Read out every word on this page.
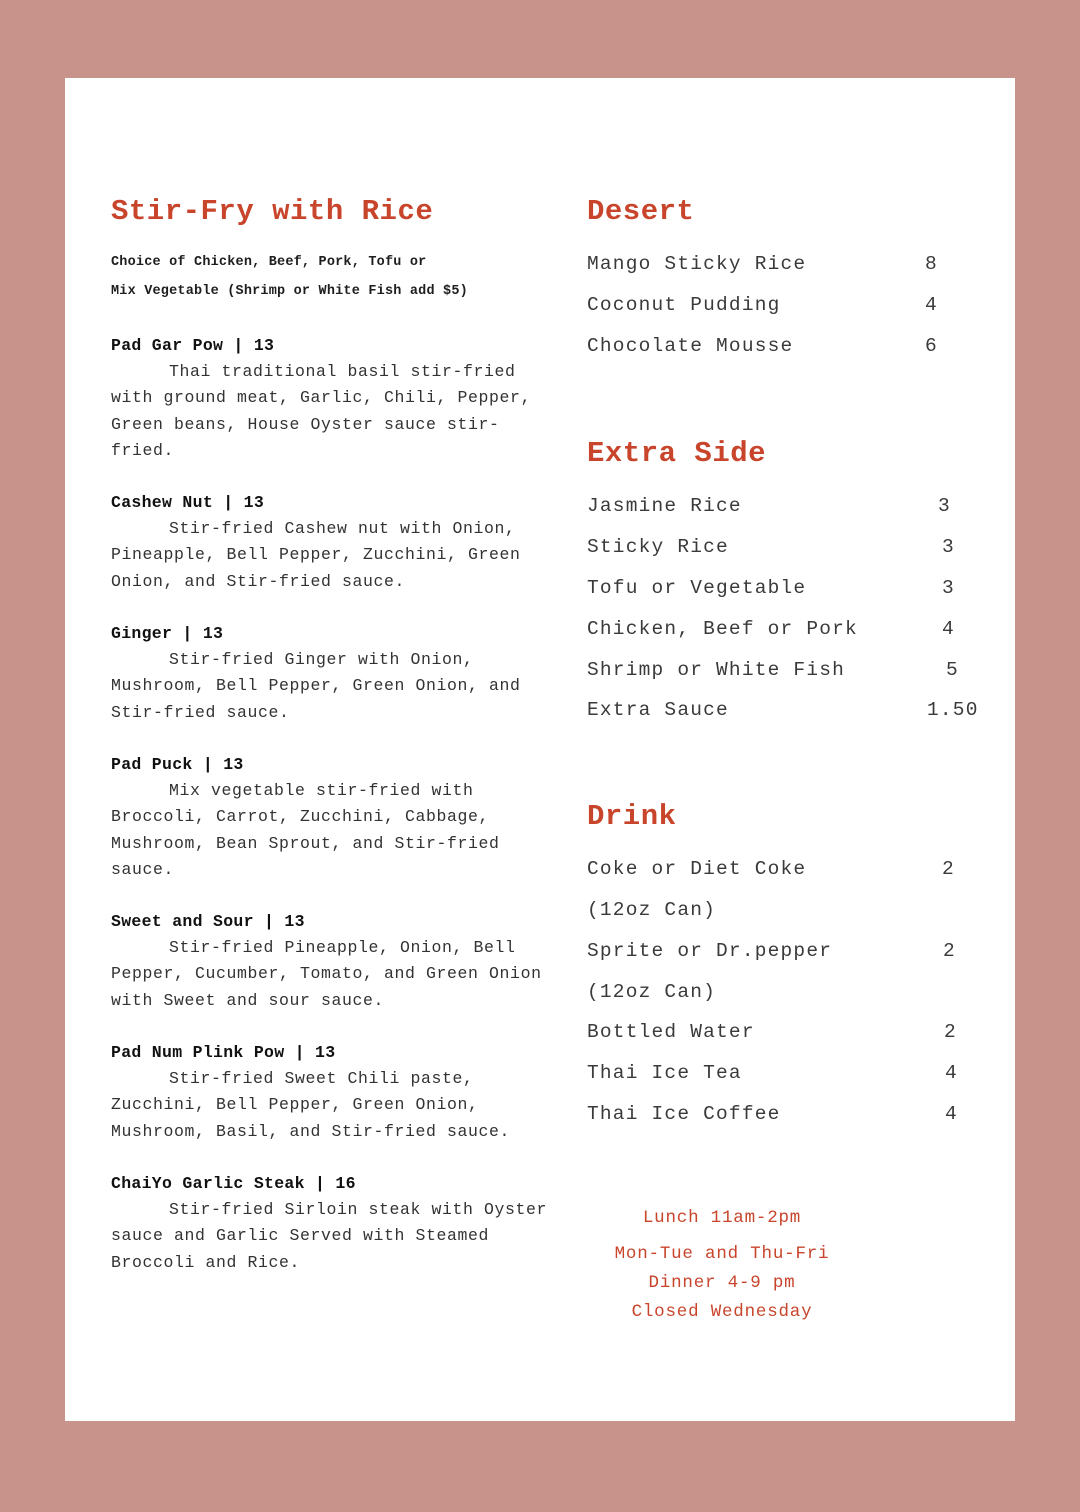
Stir-Fry with Rice
Choice of Chicken, Beef, Pork, Tofu or
Mix Vegetable (Shrimp or White Fish add $5)
Pad Gar Pow | 13
Thai traditional basil stir-fried with ground meat, Garlic, Chili, Pepper, Green beans, House Oyster sauce stir-fried.
Cashew Nut | 13
Stir-fried Cashew nut with Onion, Pineapple, Bell Pepper, Zucchini, Green Onion, and Stir-fried sauce.
Ginger | 13
Stir-fried Ginger with Onion, Mushroom, Bell Pepper, Green Onion, and Stir-fried sauce.
Pad Puck | 13
Mix vegetable stir-fried with Broccoli, Carrot, Zucchini, Cabbage, Mushroom, Bean Sprout, and Stir-fried sauce.
Sweet and Sour | 13
Stir-fried Pineapple, Onion, Bell Pepper, Cucumber, Tomato, and Green Onion with Sweet and sour sauce.
Pad Num Plink Pow | 13
Stir-fried Sweet Chili paste, Zucchini, Bell Pepper, Green Onion, Mushroom, Basil, and Stir-fried sauce.
ChaiYo Garlic Steak | 16
Stir-fried Sirloin steak with Oyster sauce and Garlic Served with Steamed Broccoli and Rice.
Desert
Mango Sticky Rice	8
Coconut Pudding	4
Chocolate Mousse	6
Extra Side
Jasmine Rice	3
Sticky Rice	3
Tofu or Vegetable	3
Chicken, Beef or Pork	4
Shrimp or White Fish	5
Extra Sauce	1.50
Drink
Coke or Diet Coke	2
(12oz Can)
Sprite or Dr.pepper	2
(12oz Can)
Bottled Water	2
Thai Ice Tea	4
Thai Ice Coffee	4
Lunch 11am-2pm
Mon-Tue and Thu-Fri
Dinner 4-9 pm
Closed Wednesday
